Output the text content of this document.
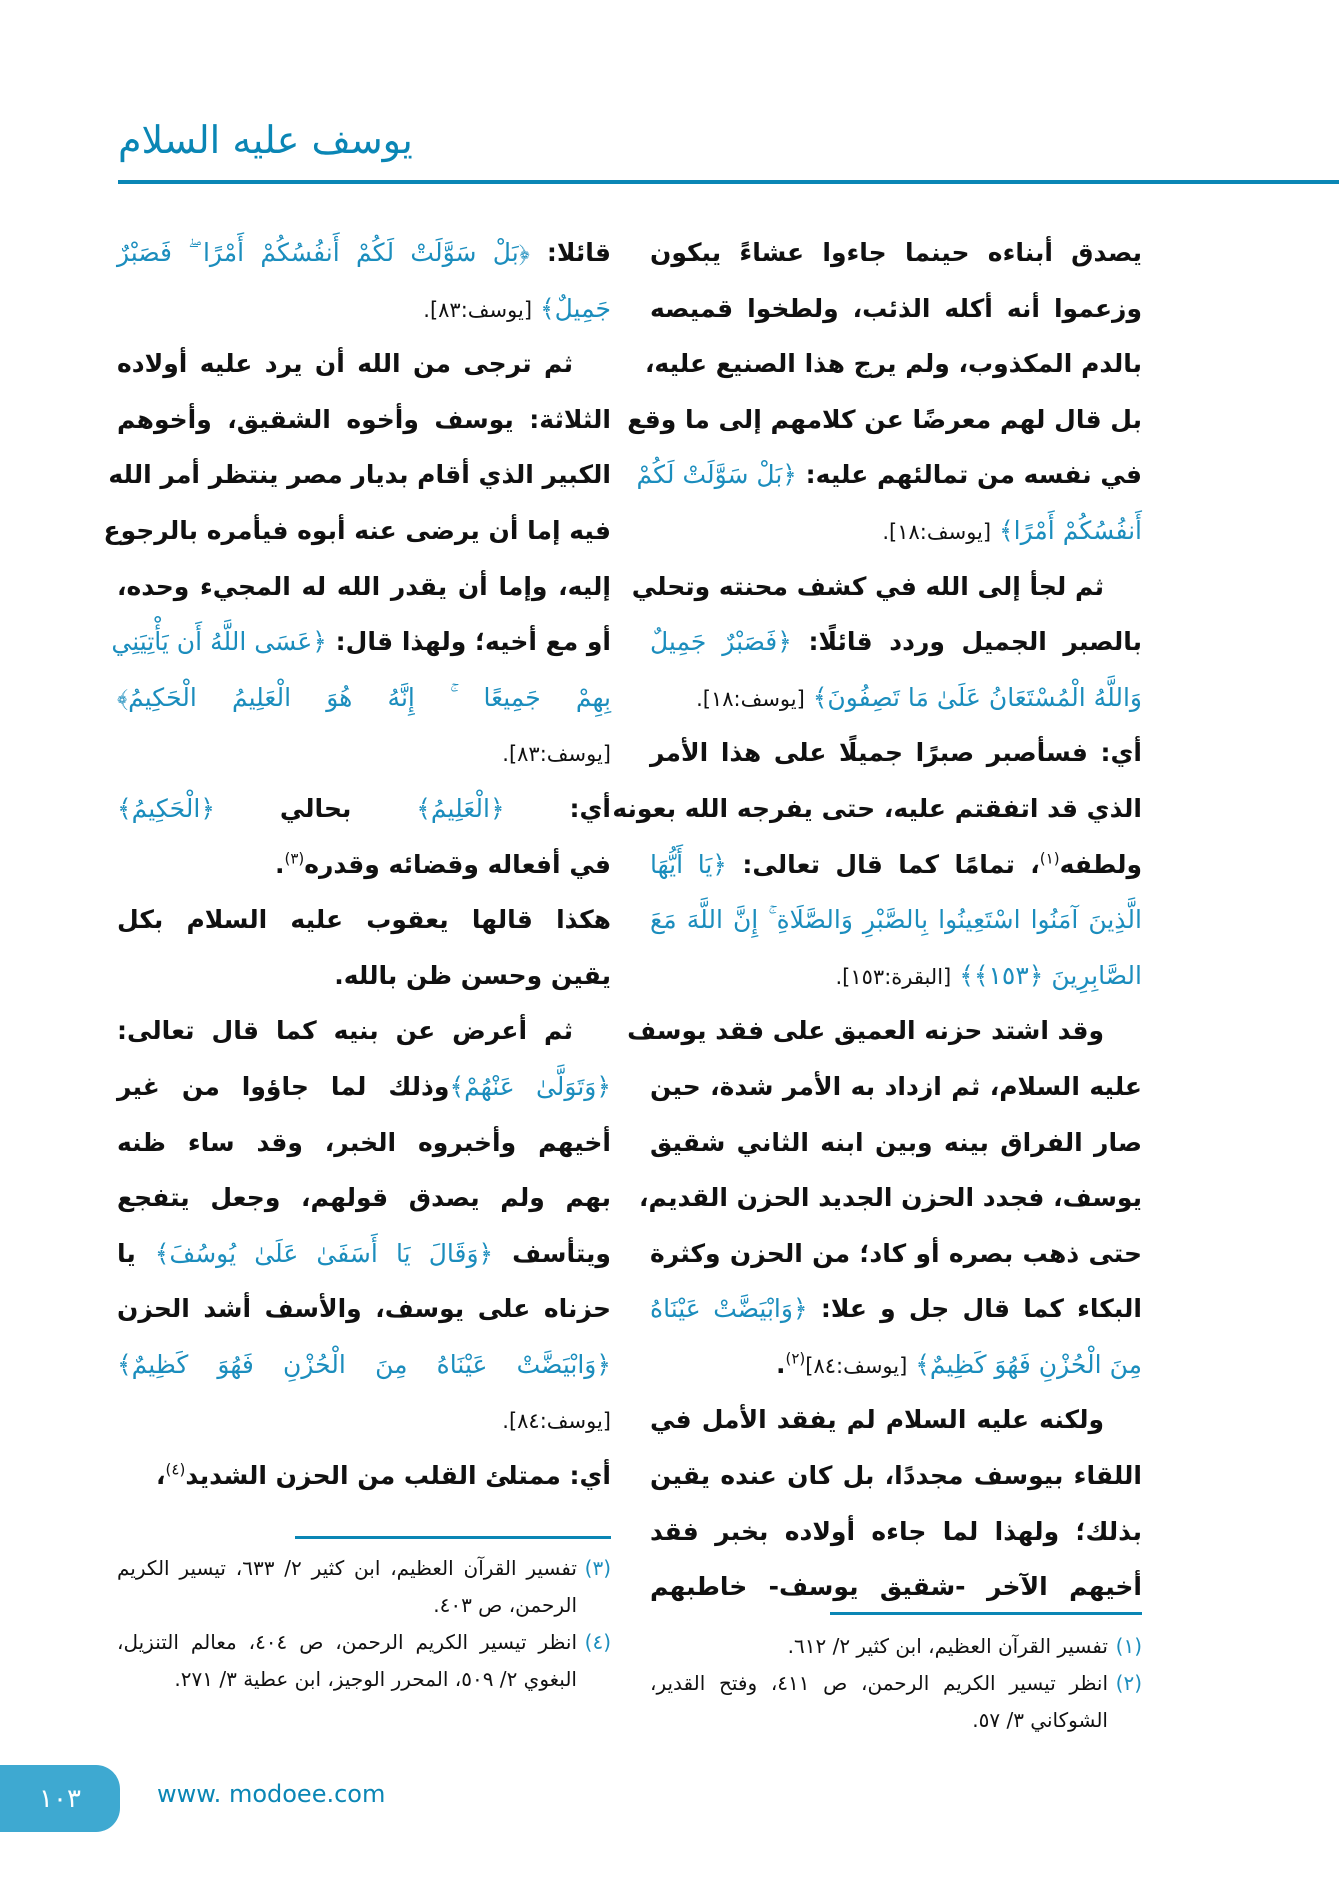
يوسف عليه السلام
يصدق أبناءه حينما جاءوا عشاءً يبكون
وزعموا أنه أكله الذئب، ولطخوا قميصه
بالدم المكذوب، ولم يرج هذا الصنيع عليه،
بل قال لهم معرضًا عن كلامهم إلى ما وقع
في نفسه من تمالئهم عليه: ﴿بَلْ سَوَّلَتْ لَكُمْ
أَنفُسُكُمْ أَمْرًا﴾ [يوسف:١٨].
ثم لجأ إلى الله في كشف محنته وتحلي
بالصبر الجميل وردد قائلًا: ﴿فَصَبْرٌ جَمِيلٌ
وَاللَّهُ الْمُسْتَعَانُ عَلَىٰ مَا تَصِفُونَ﴾ [يوسف:١٨].
أي: فسأصبر صبرًا جميلًا على هذا الأمر
الذي قد اتفقتم عليه، حتى يفرجه الله بعونه
ولطفه$^{(١)}$، تمامًا كما قال تعالى: ﴿يَا أَيُّهَا
الَّذِينَ آمَنُوا اسْتَعِينُوا بِالصَّبْرِ وَالصَّلَاةِ ۚ إِنَّ اللَّهَ مَعَ
الصَّابِرِينَ ﴿١٥٣﴾﴾ [البقرة:١٥٣].
وقد اشتد حزنه العميق على فقد يوسف
عليه السلام، ثم ازداد به الأمر شدة، حين
صار الفراق بينه وبين ابنه الثاني شقيق
يوسف، فجدد الحزن الجديد الحزن القديم،
حتى ذهب بصره أو كاد؛ من الحزن وكثرة
البكاء كما قال جل و علا: ﴿وَابْيَضَّتْ عَيْنَاهُ
مِنَ الْحُزْنِ فَهُوَ كَظِيمٌ﴾ [يوسف:٨٤]$^{(٢)}$.
ولكنه عليه السلام لم يفقد الأمل في
اللقاء بيوسف مجددًا، بل كان عنده يقين
بذلك؛ ولهذا لما جاءه أولاده بخبر فقد
أخيهم الآخر -شقيق يوسف- خاطبهم
قائلا: ﴿بَلْ سَوَّلَتْ لَكُمْ أَنفُسُكُمْ أَمْرًا ۖ فَصَبْرٌ
جَمِيلٌ﴾ [يوسف:٨٣].
ثم ترجى من الله أن يرد عليه أولاده
الثلاثة: يوسف وأخوه الشقيق، وأخوهم
الكبير الذي أقام بديار مصر ينتظر أمر الله
فيه إما أن يرضى عنه أبوه فيأمره بالرجوع
إليه، وإما أن يقدر الله له المجيء وحده،
أو مع أخيه؛ ولهذا قال: ﴿عَسَى اللَّهُ أَن يَأْتِيَنِي
بِهِمْ جَمِيعًا ۚ إِنَّهُ هُوَ الْعَلِيمُ الْحَكِيمُ﴾
[يوسف:٨٣].
أي: ﴿الْعَلِيمُ﴾ بحالي ﴿الْحَكِيمُ﴾
في أفعاله وقضائه وقدره$^{(٣)}$.
هكذا قالها يعقوب عليه السلام بكل
يقين وحسن ظن بالله.
ثم أعرض عن بنيه كما قال تعالى:
﴿وَتَوَلَّىٰ عَنْهُمْ﴾وذلك لما جاؤوا من غير
أخيهم وأخبروه الخبر، وقد ساء ظنه
بهم ولم يصدق قولهم، وجعل يتفجع
ويتأسف ﴿وَقَالَ يَا أَسَفَىٰ عَلَىٰ يُوسُفَ﴾ يا
حزناه على يوسف، والأسف أشد الحزن
﴿وَابْيَضَّتْ عَيْنَاهُ مِنَ الْحُزْنِ فَهُوَ كَظِيمٌ﴾
[يوسف:٨٤].
أي: ممتلئ القلب من الحزن الشديد$^{(٤)}$،
(١)
تفسير القرآن العظيم، ابن كثير ٢/ ٦١٢.
(٢)
انظر تيسير الكريم الرحمن، ص ٤١١، وفتح القدير، الشوكاني ٣/ ٥٧.
(٣)
تفسير القرآن العظيم، ابن كثير ٢/ ٦٣٣، تيسير الكريم الرحمن، ص ٤٠٣.
(٤)
انظر تيسير الكريم الرحمن، ص ٤٠٤، معالم التنزيل، البغوي ٢/ ٥٠٩، المحرر الوجيز، ابن عطية ٣/ ٢٧١.
١٠٣	www. modoee.com
